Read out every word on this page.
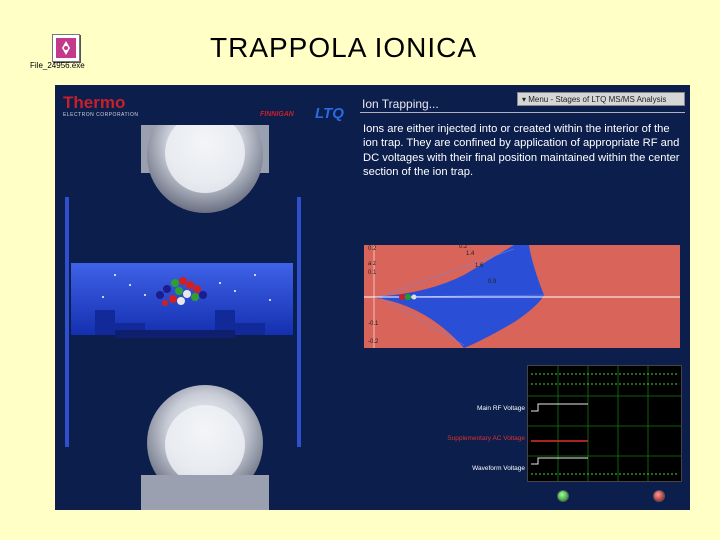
TRAPPOLA IONICA
File_24956.exe
Thermo
ELECTRON CORPORATION	FINNIGAN LTQ
Ion Trapping...	▾ Menu - Stages of LTQ MS/MS Analysis
Ions are either injected into or created within the interior of the ion trap. They are confined by application of appropriate RF and DC voltages with their final position maintained within the center section of the ion trap.
0.2
a z
0.1
-0.1
-0.2
0.2
1.4
1.6
0.9
Main RF Voltage
Supplementary AC Voltage
Waveform Voltage
